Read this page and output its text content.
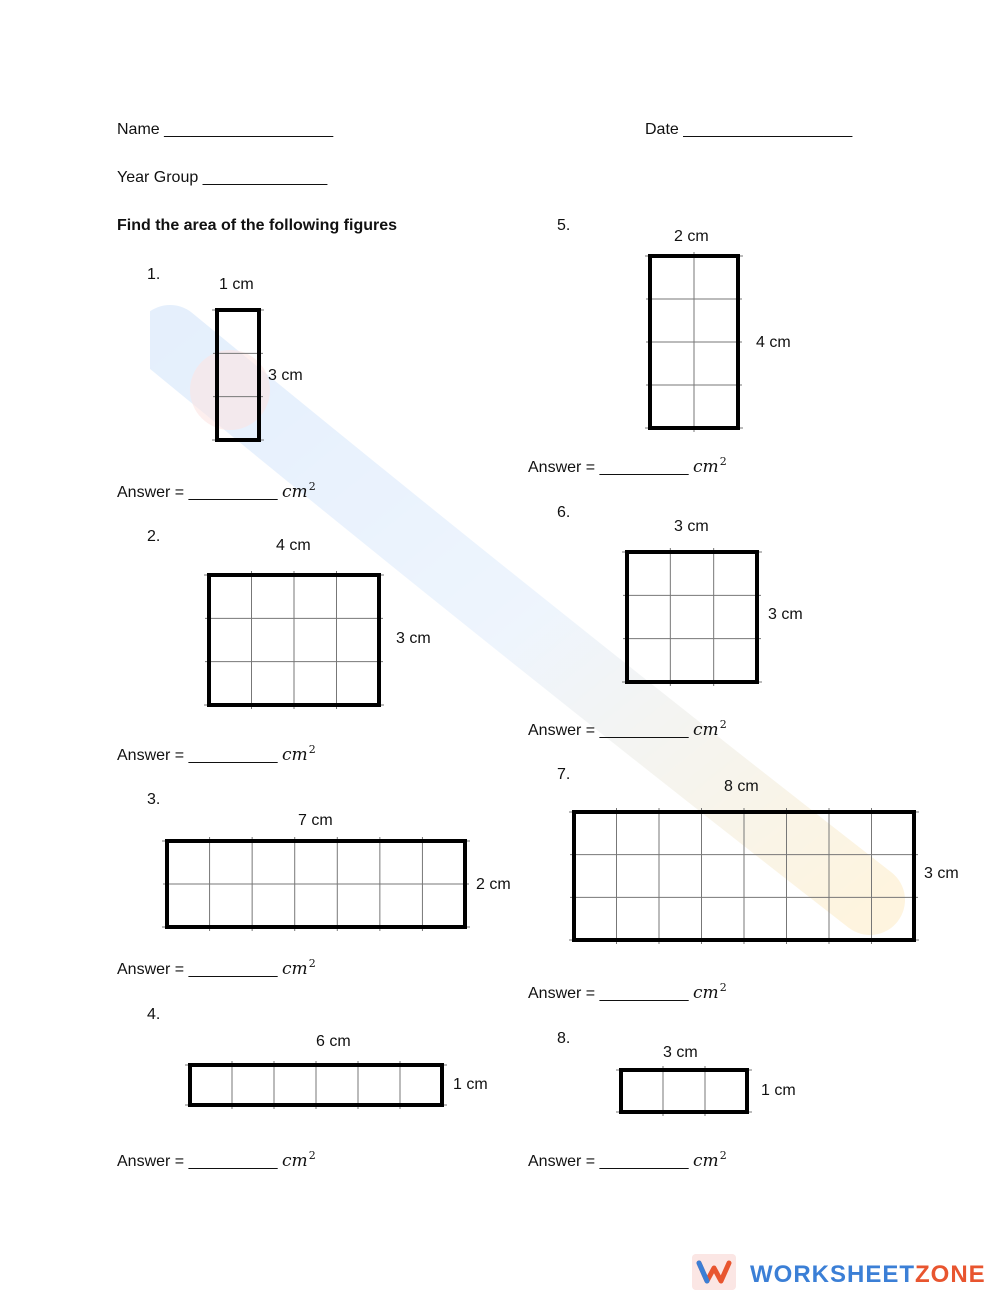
Name ___________________	Date ___________________
Year Group ______________
Find the area of the following figures
1.
1 cm
3 cm
Answer = __________ $cm^2$
2.
4 cm
3 cm
Answer = __________ $cm^2$
3.
7 cm
2 cm
Answer = __________ $cm^2$
4.
6 cm
1 cm
Answer = __________ $cm^2$
5.
2 cm
4 cm
Answer = __________ $cm^2$
6.
3 cm
3 cm
Answer = __________ $cm^2$
7.
8 cm
3 cm
Answer = __________ $cm^2$
8.
3 cm
1 cm
Answer = __________ $cm^2$
WORKSHEETZONE
